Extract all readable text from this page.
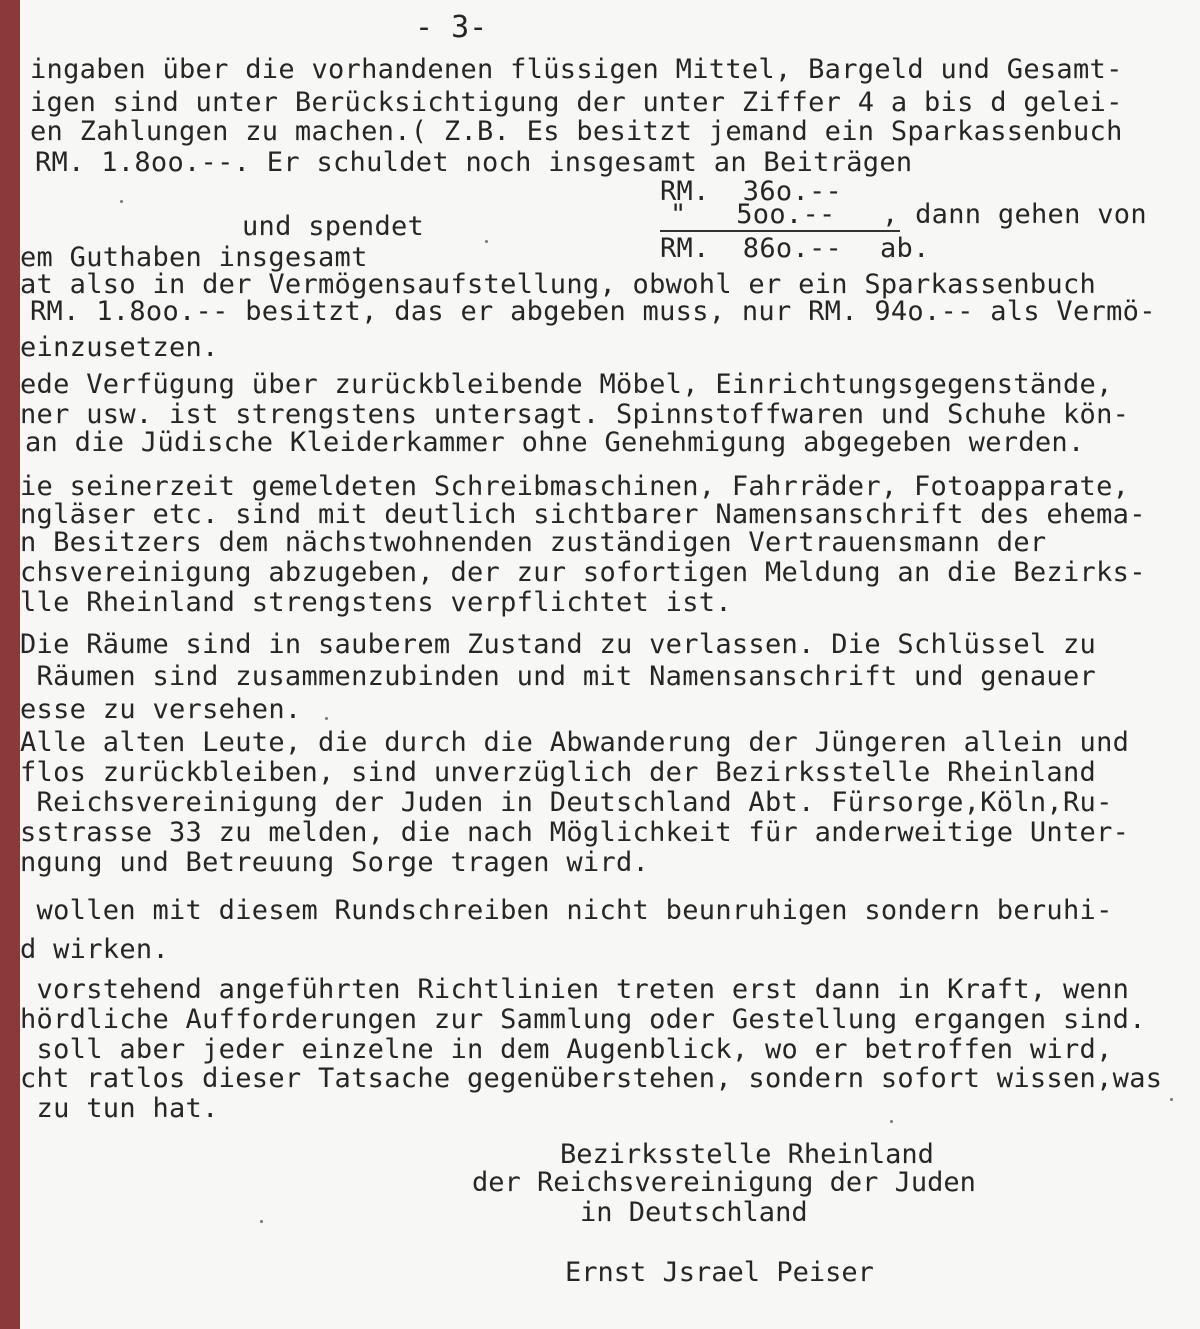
- 3-
ingaben über die vorhandenen flüssigen Mittel, Bargeld und Gesamt-
igen sind unter Berücksichtigung der unter Ziffer 4 a bis d gelei-
en Zahlungen zu machen.( Z.B. Es besitzt jemand ein Sparkassenbuch
RM. 1.8oo.--. Er schuldet noch insgesamt an Beiträgen
RM.  36o.--
und spendet	"   5oo.-- , dann gehen von
em Guthaben insgesamt	RM.  86o.-- ab.
at also in der Vermögensaufstellung, obwohl er ein Sparkassenbuch
RM. 1.8oo.-- besitzt, das er abgeben muss, nur RM. 94o.-- als Vermö-
einzusetzen.
ede Verfügung über zurückbleibende Möbel, Einrichtungsgegenstände,
ner usw. ist strengstens untersagt. Spinnstoffwaren und Schuhe kön-
an die Jüdische Kleiderkammer ohne Genehmigung abgegeben werden.
ie seinerzeit gemeldeten Schreibmaschinen, Fahrräder, Fotoapparate,
ngläser etc. sind mit deutlich sichtbarer Namensanschrift des ehema-
n Besitzers dem nächstwohnenden zuständigen Vertrauensmann der
chsvereinigung abzugeben, der zur sofortigen Meldung an die Bezirks-
lle Rheinland strengstens verpflichtet ist.
Die Räume sind in sauberem Zustand zu verlassen. Die Schlüssel zu
Räumen sind zusammenzubinden und mit Namensanschrift und genauer
esse zu versehen.
Alle alten Leute, die durch die Abwanderung der Jüngeren allein und
flos zurückbleiben, sind unverzüglich der Bezirksstelle Rheinland
Reichsvereinigung der Juden in Deutschland Abt. Fürsorge,Köln,Ru-
sstrasse 33 zu melden, die nach Möglichkeit für anderweitige Unter-
ngung und Betreuung Sorge tragen wird.
wollen mit diesem Rundschreiben nicht beunruhigen sondern beruhi-
d wirken.
vorstehend angeführten Richtlinien treten erst dann in Kraft, wenn
hördliche Aufforderungen zur Sammlung oder Gestellung ergangen sind.
soll aber jeder einzelne in dem Augenblick, wo er betroffen wird,
cht ratlos dieser Tatsache gegenüberstehen, sondern sofort wissen,was
zu tun hat.
Bezirksstelle Rheinland
der Reichsvereinigung der Juden
in Deutschland
Ernst Jsrael Peiser
